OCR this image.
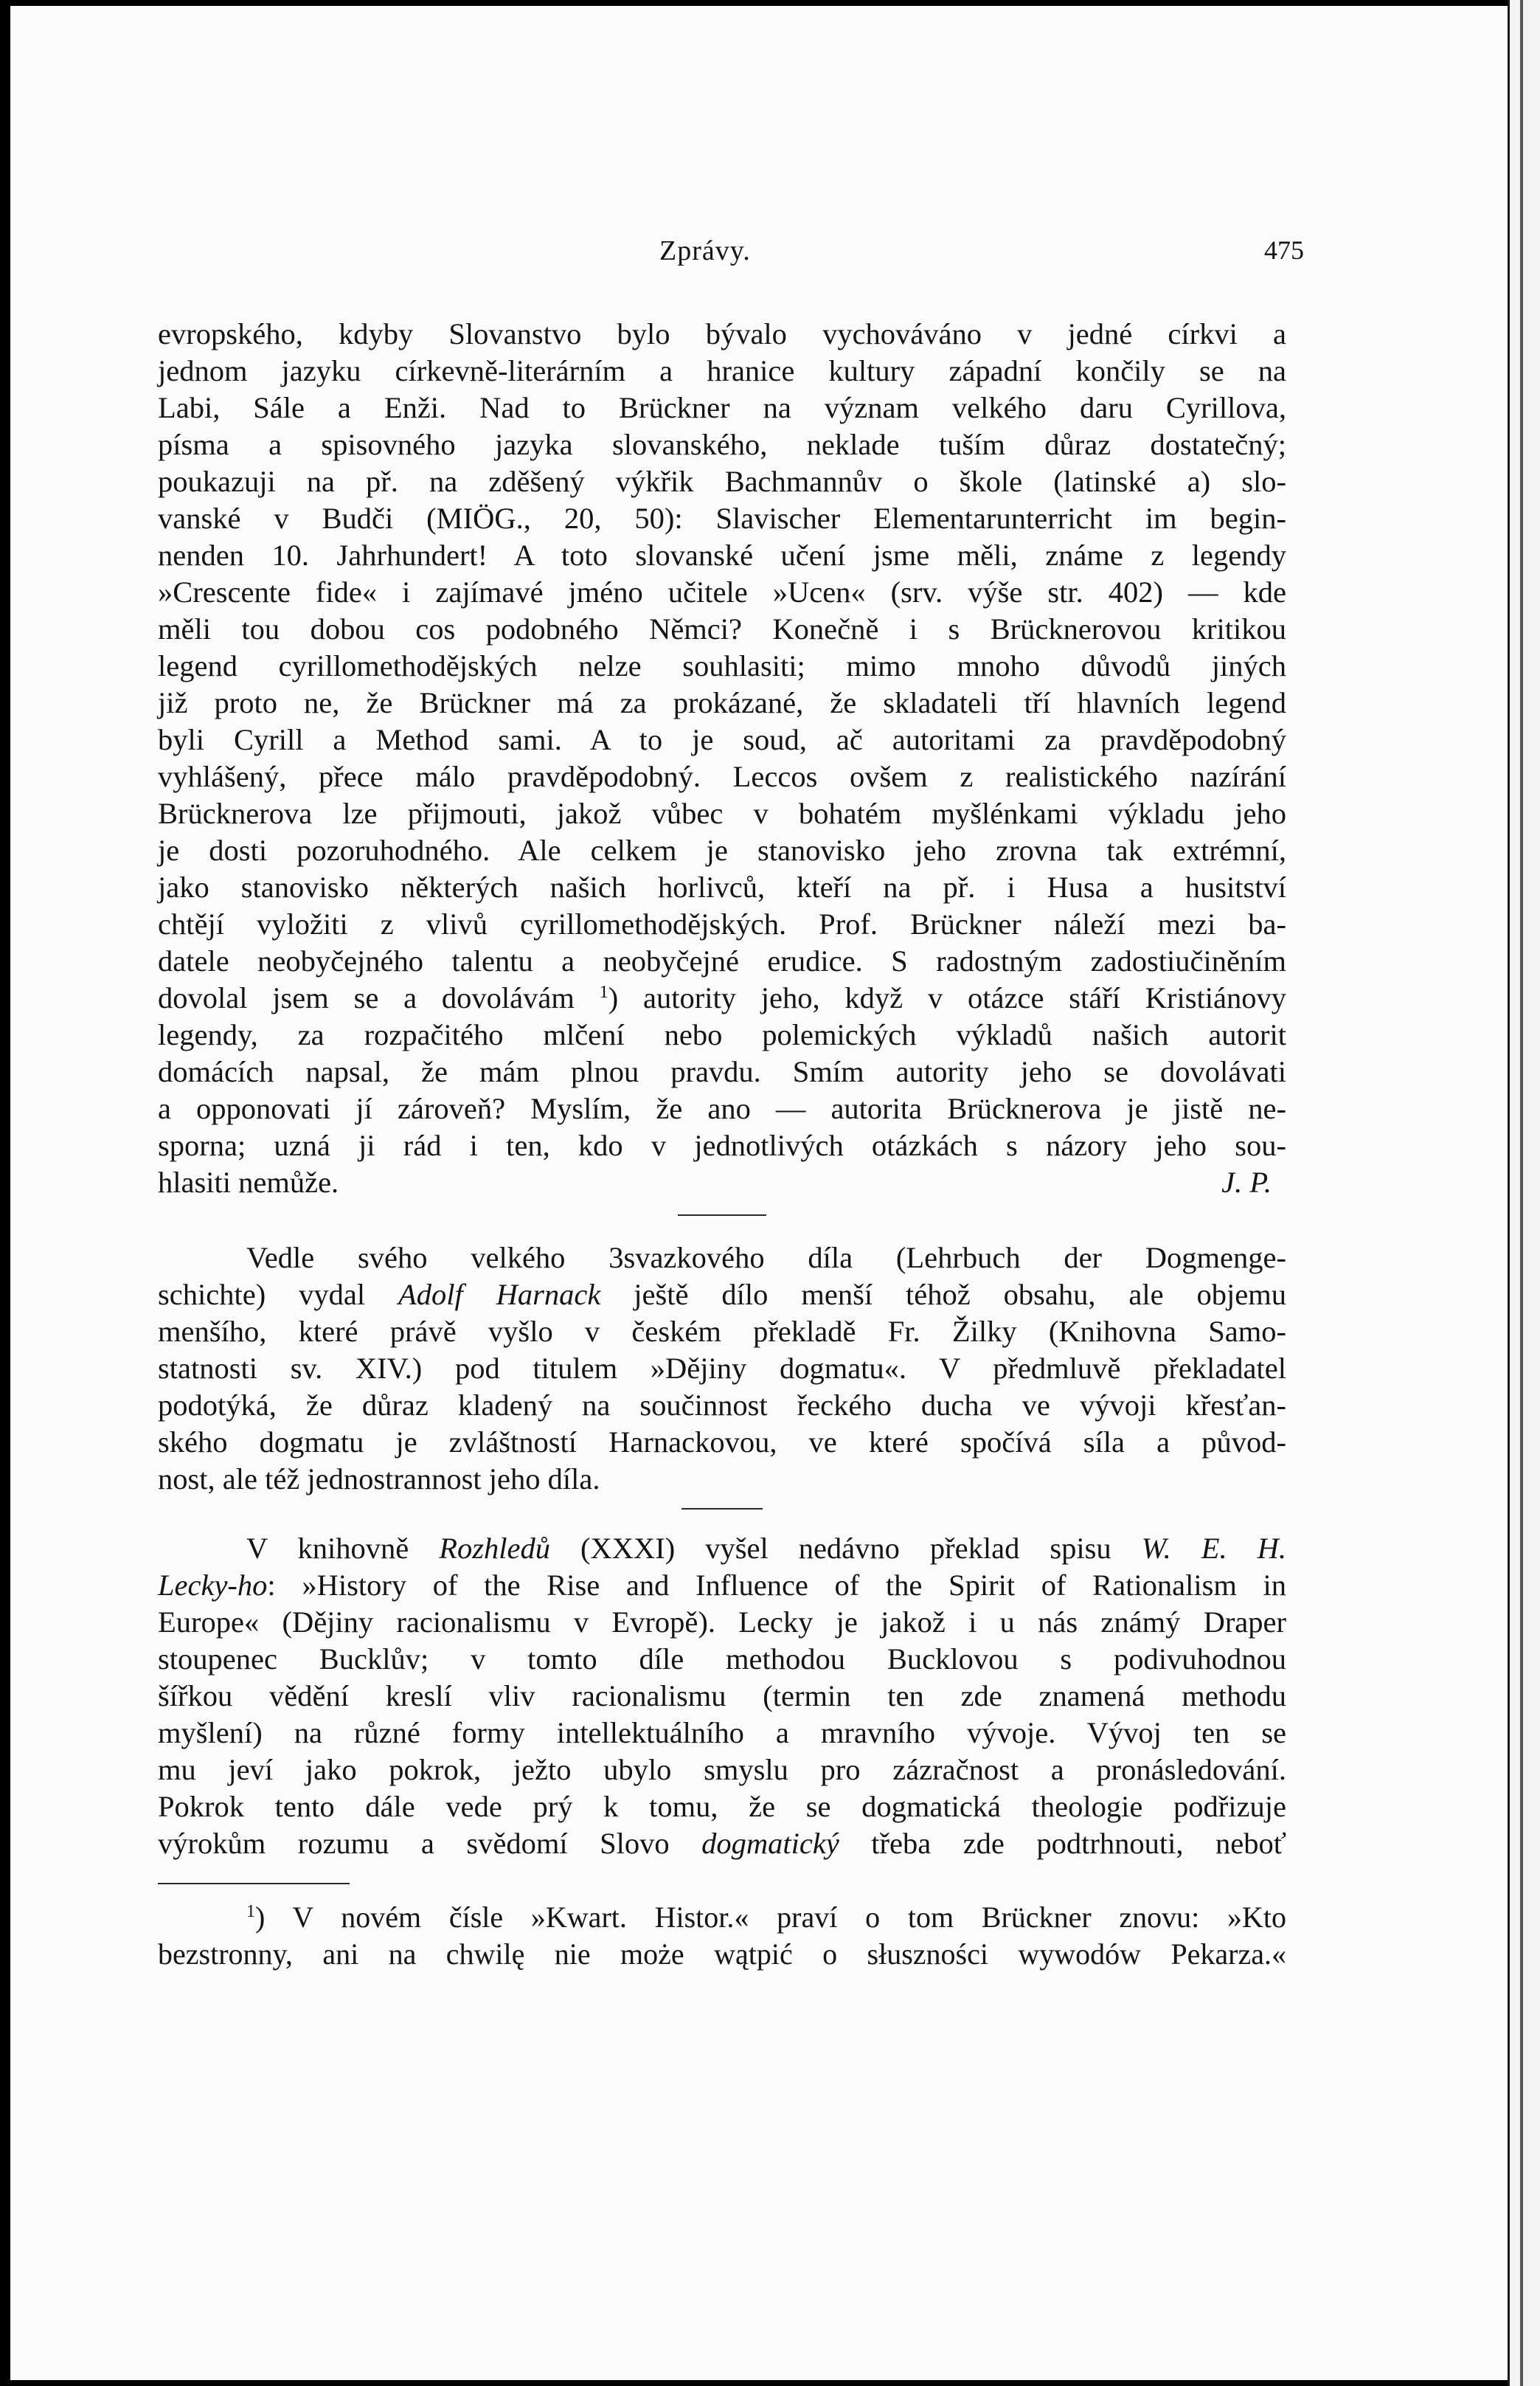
Zprávy.	475
evropského, kdyby Slovanstvo bylo bývalo vychováváno v jedné církvi a
jednom jazyku církevně-literárním a hranice kultury západní končily se na
Labi, Sále a Enži. Nad to Brückner na význam velkého daru Cyrillova,
písma a spisovného jazyka slovanského, neklade tuším důraz dostatečný;
poukazuji na př. na zděšený výkřik Bachmannův o škole (latinské a) slo-
vanské v Budči (MIÖG., 20, 50): Slavischer Elementarunterricht im begin-
nenden 10. Jahrhundert! A toto slovanské učení jsme měli, známe z legendy
»Crescente fide« i zajímavé jméno učitele »Ucen« (srv. výše str. 402) — kde
měli tou dobou cos podobného Němci? Konečně i s Brücknerovou kritikou
legend cyrillomethodějských nelze souhlasiti; mimo mnoho důvodů jiných
již proto ne, že Brückner má za prokázané, že skladateli tří hlavních legend
byli Cyrill a Method sami. A to je soud, ač autoritami za pravděpodobný
vyhlášený, přece málo pravděpodobný. Leccos ovšem z realistického nazírání
Brücknerova lze přijmouti, jakož vůbec v bohatém myšlénkami výkladu jeho
je dosti pozoruhodného. Ale celkem je stanovisko jeho zrovna tak extrémní,
jako stanovisko některých našich horlivců, kteří na př. i Husa a husitství
chtějí vyložiti z vlivů cyrillomethodějských. Prof. Brückner náleží mezi ba-
datele neobyčejného talentu a neobyčejné erudice. S radostným zadostiučiněním
dovolal jsem se a dovolávám $^1$) autority jeho, když v otázce stáří Kristiánovy
legendy, za rozpačitého mlčení nebo polemických výkladů našich autorit
domácích napsal, že mám plnou pravdu. Smím autority jeho se dovolávati
a opponovati jí zároveň? Myslím, že ano — autorita Brücknerova je jistě ne-
sporna; uzná ji rád i ten, kdo v jednotlivých otázkách s názory jeho sou-
hlasiti nemůže.	J. P.
Vedle svého velkého 3svazkového díla (Lehrbuch der Dogmenge-
schichte) vydal Adolf Harnack ještě dílo menší téhož obsahu, ale objemu
menšího, které právě vyšlo v českém překladě Fr. Žilky (Knihovna Samo-
statnosti sv. XIV.) pod titulem »Dějiny dogmatu«. V předmluvě překladatel
podotýká, že důraz kladený na součinnost řeckého ducha ve vývoji křesťan-
ského dogmatu je zvláštností Harnackovou, ve které spočívá síla a původ-
nost, ale též jednostrannost jeho díla.
V knihovně Rozhledů (XXXI) vyšel nedávno překlad spisu W. E. H.
Lecky-ho: »History of the Rise and Influence of the Spirit of Rationalism in
Europe« (Dějiny racionalismu v Evropě). Lecky je jakož i u nás známý Draper
stoupenec Bucklův; v tomto díle methodou Bucklovou s podivuhodnou
šířkou vědění kreslí vliv racionalismu (termin ten zde znamená methodu
myšlení) na různé formy intellektuálního a mravního vývoje. Vývoj ten se
mu jeví jako pokrok, ježto ubylo smyslu pro zázračnost a pronásledování.
Pokrok tento dále vede prý k tomu, že se dogmatická theologie podřizuje
výrokům rozumu a svědomí Slovo dogmatický třeba zde podtrhnouti, neboť
$^1$) V novém čísle »Kwart. Histor.« praví o tom Brückner znovu: »Kto
bezstronny, ani na chwilę nie może wątpić o słuszności wywodów Pekarza.«
